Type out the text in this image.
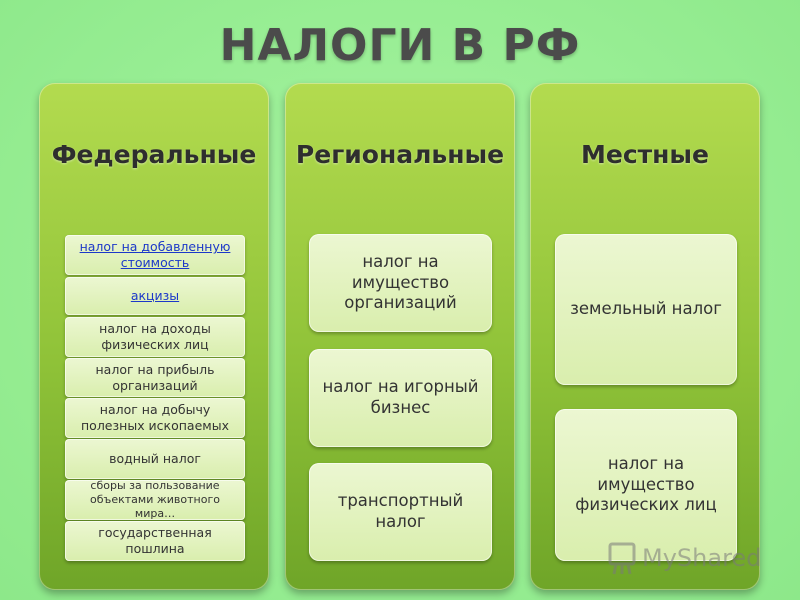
НАЛОГИ В РФ
Федеральные
налог на добавленную стоимость
акцизы
налог на доходы физических лиц
налог на прибыль организаций
налог на добычу полезных ископаемых
водный налог
сборы за пользование объектами животного мира…
государственная пошлина
Региональные
налог на имущество организаций
налог на игорный бизнес
транспортный налог
Местные
земельный налог
налог на имущество физических лиц
MyShared
